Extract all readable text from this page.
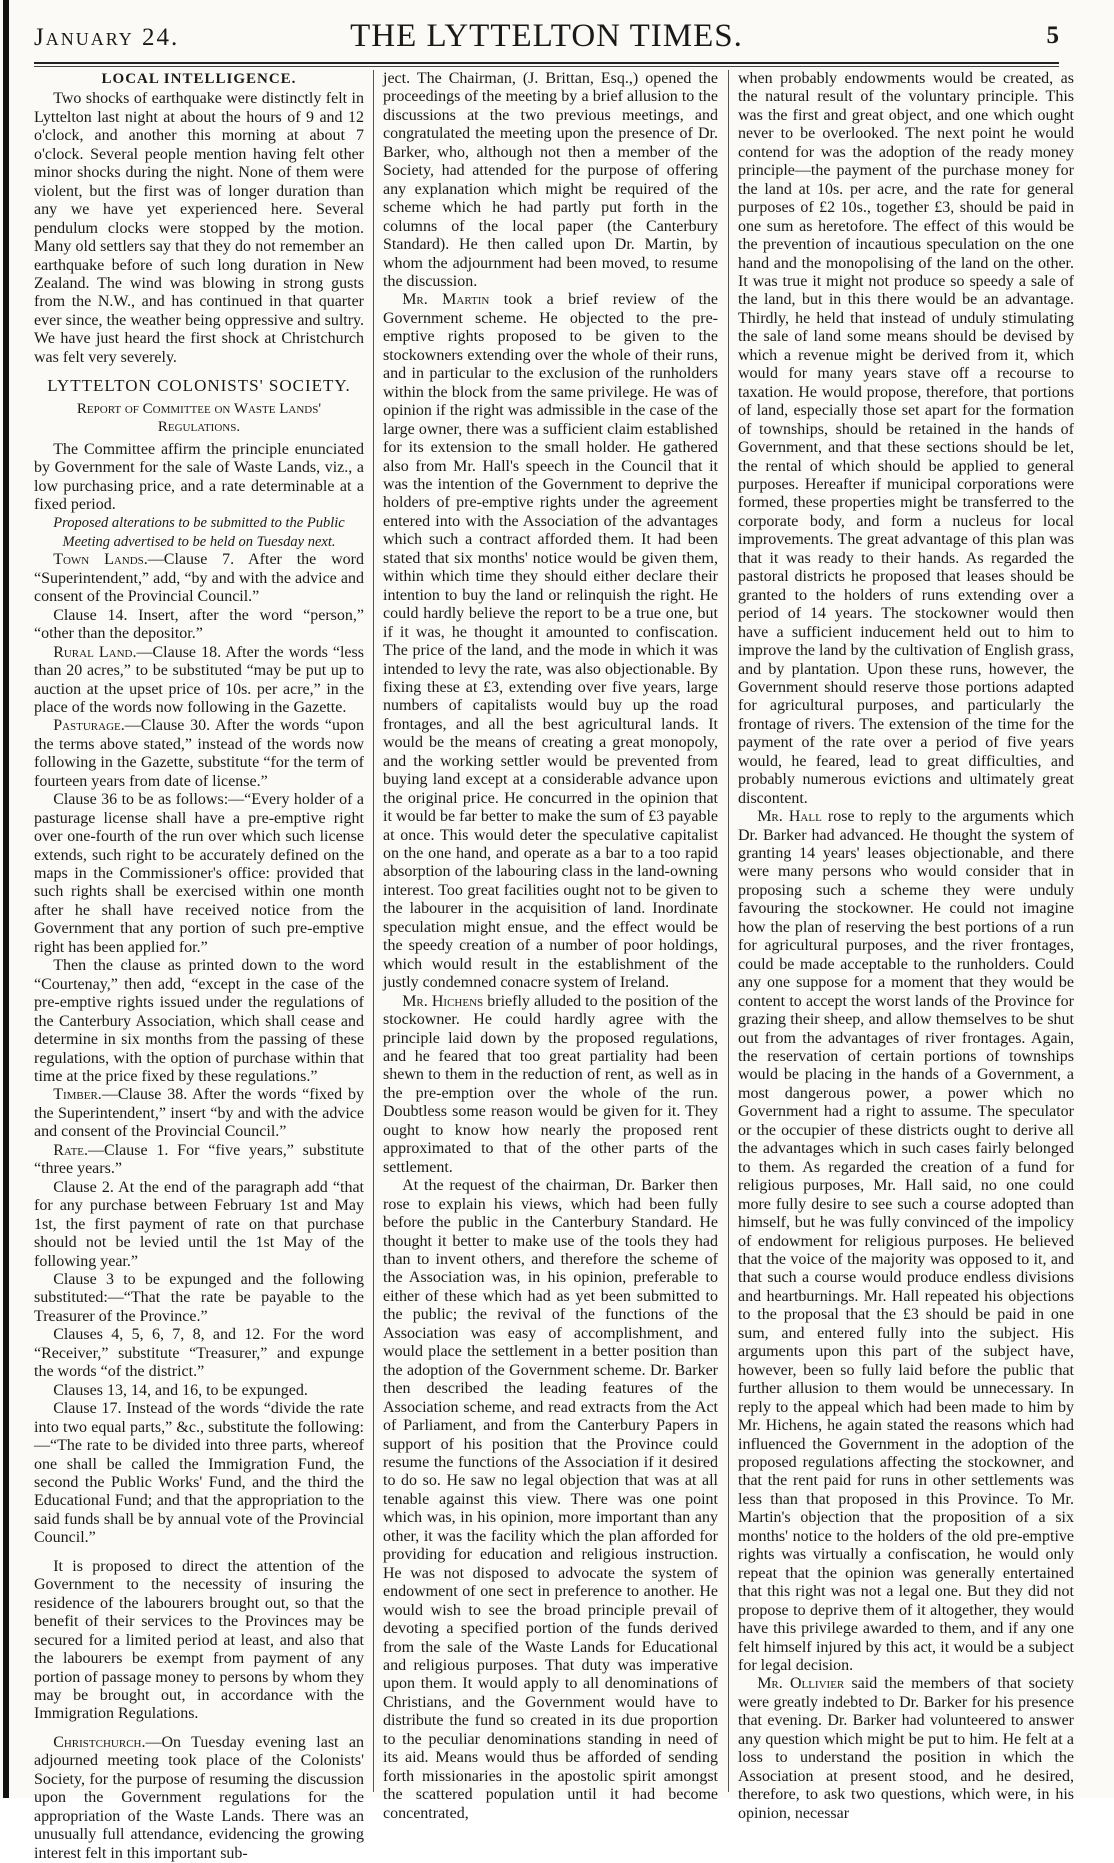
January 24.	THE LYTTELTON TIMES.	5
LOCAL INTELLIGENCE.

Two shocks of earthquake were distinctly felt in Lyttelton last night at about the hours of 9 and 12 o'clock, and another this morning at about 7 o'clock. Several people mention having felt other minor shocks during the night. None of them were violent, but the first was of longer duration than any we have yet experienced here. Several pendulum clocks were stopped by the motion. Many old settlers say that they do not remember an earthquake before of such long duration in New Zealand. The wind was blowing in strong gusts from the N.W., and has continued in that quarter ever since, the weather being oppressive and sultry. We have just heard the first shock at Christchurch was felt very severely.

LYTTELTON COLONISTS' SOCIETY.
Report of Committee on Waste Lands' Regulations.

The Committee affirm the principle enunciated by Government for the sale of Waste Lands, viz., a low purchasing price, and a rate determinable at a fixed period.

Proposed alterations to be submitted to the Public Meeting advertised to be held on Tuesday next.

Town Lands.—Clause 7. After the word “Superintendent,” add, “by and with the advice and consent of the Provincial Council.”

Clause 14. Insert, after the word “person,” “other than the depositor.”

Rural Land.—Clause 18. After the words “less than 20 acres,” to be substituted “may be put up to auction at the upset price of 10s. per acre,” in the place of the words now following in the Gazette.

Pasturage.—Clause 30. After the words “upon the terms above stated,” instead of the words now following in the Gazette, substitute “for the term of fourteen years from date of license.”

Clause 36 to be as follows:—“Every holder of a pasturage license shall have a pre-emptive right over one-fourth of the run over which such license extends, such right to be accurately defined on the maps in the Commissioner's office: provided that such rights shall be exercised within one month after he shall have received notice from the Government that any portion of such pre-emptive right has been applied for.”

Then the clause as printed down to the word “Courtenay,” then add, “except in the case of the pre-emptive rights issued under the regulations of the Canterbury Association, which shall cease and determine in six months from the passing of these regulations, with the option of purchase within that time at the price fixed by these regulations.”

Timber.—Clause 38. After the words “fixed by the Superintendent,” insert “by and with the advice and consent of the Provincial Council.”

Rate.—Clause 1. For “five years,” substitute “three years.”

Clause 2. At the end of the paragraph add “that for any purchase between February 1st and May 1st, the first payment of rate on that purchase should not be levied until the 1st May of the following year.”

Clause 3 to be expunged and the following substituted:—“That the rate be payable to the Treasurer of the Province.”

Clauses 4, 5, 6, 7, 8, and 12. For the word “Receiver,” substitute “Treasurer,” and expunge the words “of the district.”

Clauses 13, 14, and 16, to be expunged.

Clause 17. Instead of the words “divide the rate into two equal parts,” &c., substitute the following:—“The rate to be divided into three parts, whereof one shall be called the Immigration Fund, the second the Public Works' Fund, and the third the Educational Fund; and that the appropriation to the said funds shall be by annual vote of the Provincial Council.”

It is proposed to direct the attention of the Government to the necessity of insuring the residence of the labourers brought out, so that the benefit of their services to the Provinces may be secured for a limited period at least, and also that the labourers be exempt from payment of any portion of passage money to persons by whom they may be brought out, in accordance with the Immigration Regulations.

Christchurch.—On Tuesday evening last an adjourned meeting took place of the Colonists' Society, for the purpose of resuming the discussion upon the Government regulations for the appropriation of the Waste Lands. There was an unusually full attendance, evidencing the growing interest felt in this important sub-

ject. The Chairman, (J. Brittan, Esq.,) opened the proceedings of the meeting by a brief allusion to the discussions at the two previous meetings, and congratulated the meeting upon the presence of Dr. Barker, who, although not then a member of the Society, had attended for the purpose of offering any explanation which might be required of the scheme which he had partly put forth in the columns of the local paper (the Canterbury Standard). He then called upon Dr. Martin, by whom the adjournment had been moved, to resume the discussion.

Mr. Martin took a brief review of the Government scheme. He objected to the pre-emptive rights proposed to be given to the stockowners extending over the whole of their runs, and in particular to the exclusion of the runholders within the block from the same privilege. He was of opinion if the right was admissible in the case of the large owner, there was a sufficient claim established for its extension to the small holder. He gathered also from Mr. Hall's speech in the Council that it was the intention of the Government to deprive the holders of pre-emptive rights under the agreement entered into with the Association of the advantages which such a contract afforded them. It had been stated that six months' notice would be given them, within which time they should either declare their intention to buy the land or relinquish the right. He could hardly believe the report to be a true one, but if it was, he thought it amounted to confiscation. The price of the land, and the mode in which it was intended to levy the rate, was also objectionable. By fixing these at £3, extending over five years, large numbers of capitalists would buy up the road frontages, and all the best agricultural lands. It would be the means of creating a great monopoly, and the working settler would be prevented from buying land except at a considerable advance upon the original price. He concurred in the opinion that it would be far better to make the sum of £3 payable at once. This would deter the speculative capitalist on the one hand, and operate as a bar to a too rapid absorption of the labouring class in the land-owning interest. Too great facilities ought not to be given to the labourer in the acquisition of land. Inordinate speculation might ensue, and the effect would be the speedy creation of a number of poor holdings, which would result in the establishment of the justly condemned conacre system of Ireland.

Mr. Hichens briefly alluded to the position of the stockowner. He could hardly agree with the principle laid down by the proposed regulations, and he feared that too great partiality had been shewn to them in the reduction of rent, as well as in the pre-emption over the whole of the run. Doubtless some reason would be given for it. They ought to know how nearly the proposed rent approximated to that of the other parts of the settlement.

At the request of the chairman, Dr. Barker then rose to explain his views, which had been fully before the public in the Canterbury Standard. He thought it better to make use of the tools they had than to invent others, and therefore the scheme of the Association was, in his opinion, preferable to either of these which had as yet been submitted to the public; the revival of the functions of the Association was easy of accomplishment, and would place the settlement in a better position than the adoption of the Government scheme. Dr. Barker then described the leading features of the Association scheme, and read extracts from the Act of Parliament, and from the Canterbury Papers in support of his position that the Province could resume the functions of the Association if it desired to do so. He saw no legal objection that was at all tenable against this view. There was one point which was, in his opinion, more important than any other, it was the facility which the plan afforded for providing for education and religious instruction. He was not disposed to advocate the system of endowment of one sect in preference to another. He would wish to see the broad principle prevail of devoting a specified portion of the funds derived from the sale of the Waste Lands for Educational and religious purposes. That duty was imperative upon them. It would apply to all denominations of Christians, and the Government would have to distribute the fund so created in its due proportion to the peculiar denominations standing in need of its aid. Means would thus be afforded of sending forth missionaries in the apostolic spirit amongst the scattered population until it had become concentrated,

when probably endowments would be created, as the natural result of the voluntary principle. This was the first and great object, and one which ought never to be overlooked. The next point he would contend for was the adoption of the ready money principle—the payment of the purchase money for the land at 10s. per acre, and the rate for general purposes of £2 10s., together £3, should be paid in one sum as heretofore. The effect of this would be the prevention of incautious speculation on the one hand and the monopolising of the land on the other. It was true it might not produce so speedy a sale of the land, but in this there would be an advantage. Thirdly, he held that instead of unduly stimulating the sale of land some means should be devised by which a revenue might be derived from it, which would for many years stave off a recourse to taxation. He would propose, therefore, that portions of land, especially those set apart for the formation of townships, should be retained in the hands of Government, and that these sections should be let, the rental of which should be applied to general purposes. Hereafter if municipal corporations were formed, these properties might be transferred to the corporate body, and form a nucleus for local improvements. The great advantage of this plan was that it was ready to their hands. As regarded the pastoral districts he proposed that leases should be granted to the holders of runs extending over a period of 14 years. The stockowner would then have a sufficient inducement held out to him to improve the land by the cultivation of English grass, and by plantation. Upon these runs, however, the Government should reserve those portions adapted for agricultural purposes, and particularly the frontage of rivers. The extension of the time for the payment of the rate over a period of five years would, he feared, lead to great difficulties, and probably numerous evictions and ultimately great discontent.

Mr. Hall rose to reply to the arguments which Dr. Barker had advanced. He thought the system of granting 14 years' leases objectionable, and there were many persons who would consider that in proposing such a scheme they were unduly favouring the stockowner. He could not imagine how the plan of reserving the best portions of a run for agricultural purposes, and the river frontages, could be made acceptable to the runholders. Could any one suppose for a moment that they would be content to accept the worst lands of the Province for grazing their sheep, and allow themselves to be shut out from the advantages of river frontages. Again, the reservation of certain portions of townships would be placing in the hands of a Government, a most dangerous power, a power which no Government had a right to assume. The speculator or the occupier of these districts ought to derive all the advantages which in such cases fairly belonged to them. As regarded the creation of a fund for religious purposes, Mr. Hall said, no one could more fully desire to see such a course adopted than himself, but he was fully convinced of the impolicy of endowment for religious purposes. He believed that the voice of the majority was opposed to it, and that such a course would produce endless divisions and heartburnings. Mr. Hall repeated his objections to the proposal that the £3 should be paid in one sum, and entered fully into the subject. His arguments upon this part of the subject have, however, been so fully laid before the public that further allusion to them would be unnecessary. In reply to the appeal which had been made to him by Mr. Hichens, he again stated the reasons which had influenced the Government in the adoption of the proposed regulations affecting the stockowner, and that the rent paid for runs in other settlements was less than that proposed in this Province. To Mr. Martin's objection that the proposition of a six months' notice to the holders of the old pre-emptive rights was virtually a confiscation, he would only repeat that the opinion was generally entertained that this right was not a legal one. But they did not propose to deprive them of it altogether, they would have this privilege awarded to them, and if any one felt himself injured by this act, it would be a subject for legal decision.

Mr. Ollivier said the members of that society were greatly indebted to Dr. Barker for his presence that evening. Dr. Barker had volunteered to answer any question which might be put to him. He felt at a loss to understand the position in which the Association at present stood, and he desired, therefore, to ask two questions, which were, in his opinion, necessar
